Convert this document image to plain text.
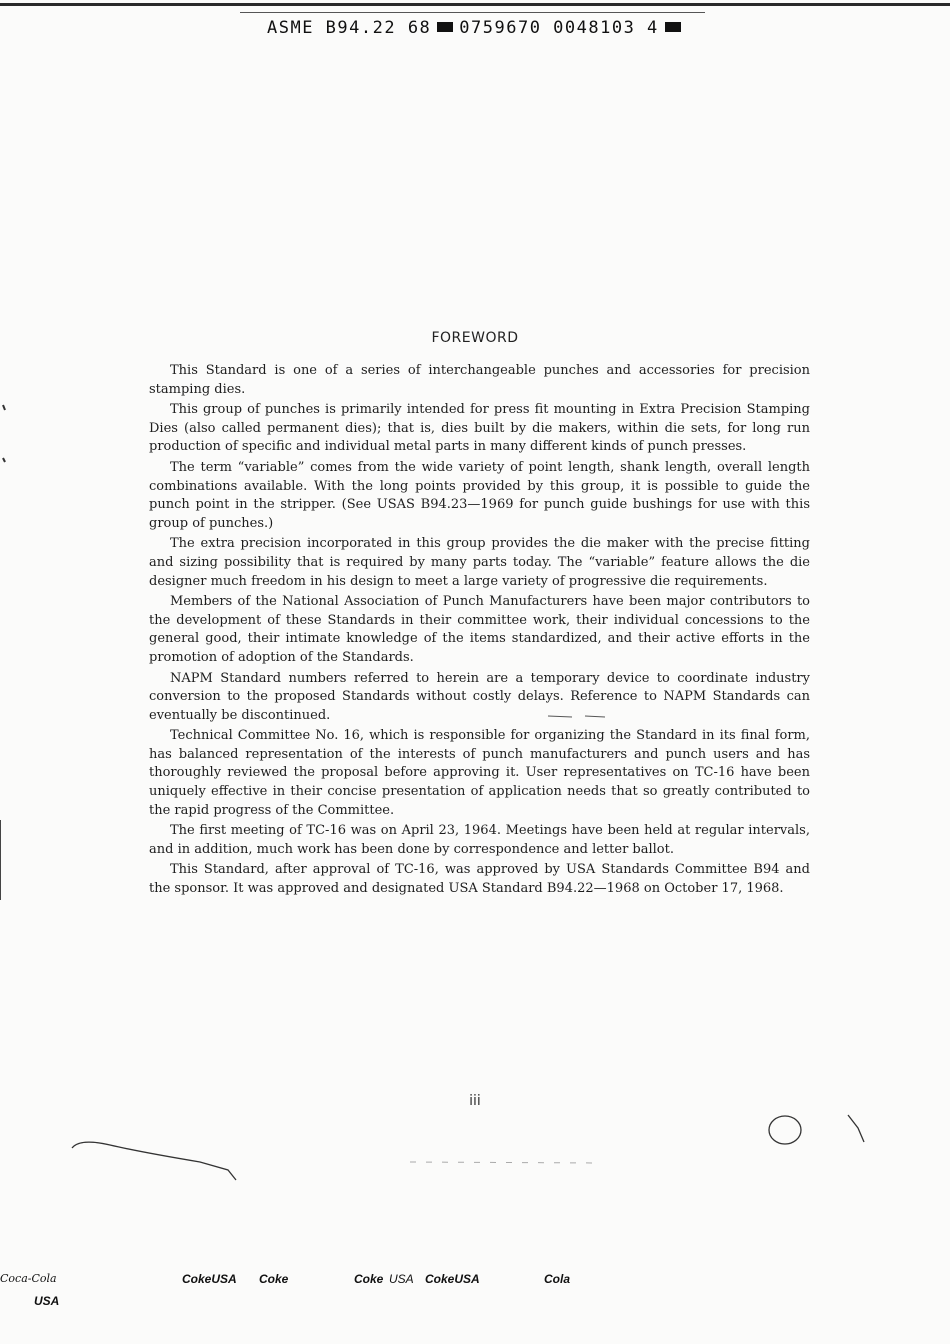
ASME B94.22 68 0759670 0048103 4
FOREWORD

This Standard is one of a series of interchangeable punches and accessories for precision stamping dies.

This group of punches is primarily intended for press fit mounting in Extra Precision Stamping Dies (also called permanent dies); that is, dies built by die makers, within die sets, for long run production of specific and individual metal parts in many different kinds of punch presses.

The term “variable” comes from the wide variety of point length, shank length, overall length combinations available. With the long points provided by this group, it is possible to guide the punch point in the stripper. (See USAS B94.23—1969 for punch guide bushings for use with this group of punches.)

The extra precision incorporated in this group provides the die maker with the precise fitting and sizing possibility that is required by many parts today. The “variable” feature allows the die designer much freedom in his design to meet a large variety of progressive die requirements.

Members of the National Association of Punch Manufacturers have been major contributors to the development of these Standards in their committee work, their individual concessions to the general good, their intimate knowledge of the items standardized, and their active efforts in the promotion of adoption of the Standards.

NAPM Standard numbers referred to herein are a temporary device to coordinate industry conversion to the proposed Standards without costly delays. Reference to NAPM Standards can eventually be discontinued.

Technical Committee No. 16, which is responsible for organizing the Standard in its final form, has balanced representation of the interests of punch manufacturers and punch users and has thoroughly reviewed the proposal before approving it. User representatives on TC-16 have been uniquely effective in their concise presentation of application needs that so greatly contributed to the rapid progress of the Committee.

The first meeting of TC-16 was on April 23, 1964. Meetings have been held at regular intervals, and in addition, much work has been done by correspondence and letter ballot.

This Standard, after approval of TC-16, was approved by USA Standards Committee B94 and the sponsor. It was approved and designated USA Standard B94.22—1968 on October 17, 1968.

iii
Coca-Cola
USA
CokeUSA Coke	Coke USA CokeUSA	Cola
